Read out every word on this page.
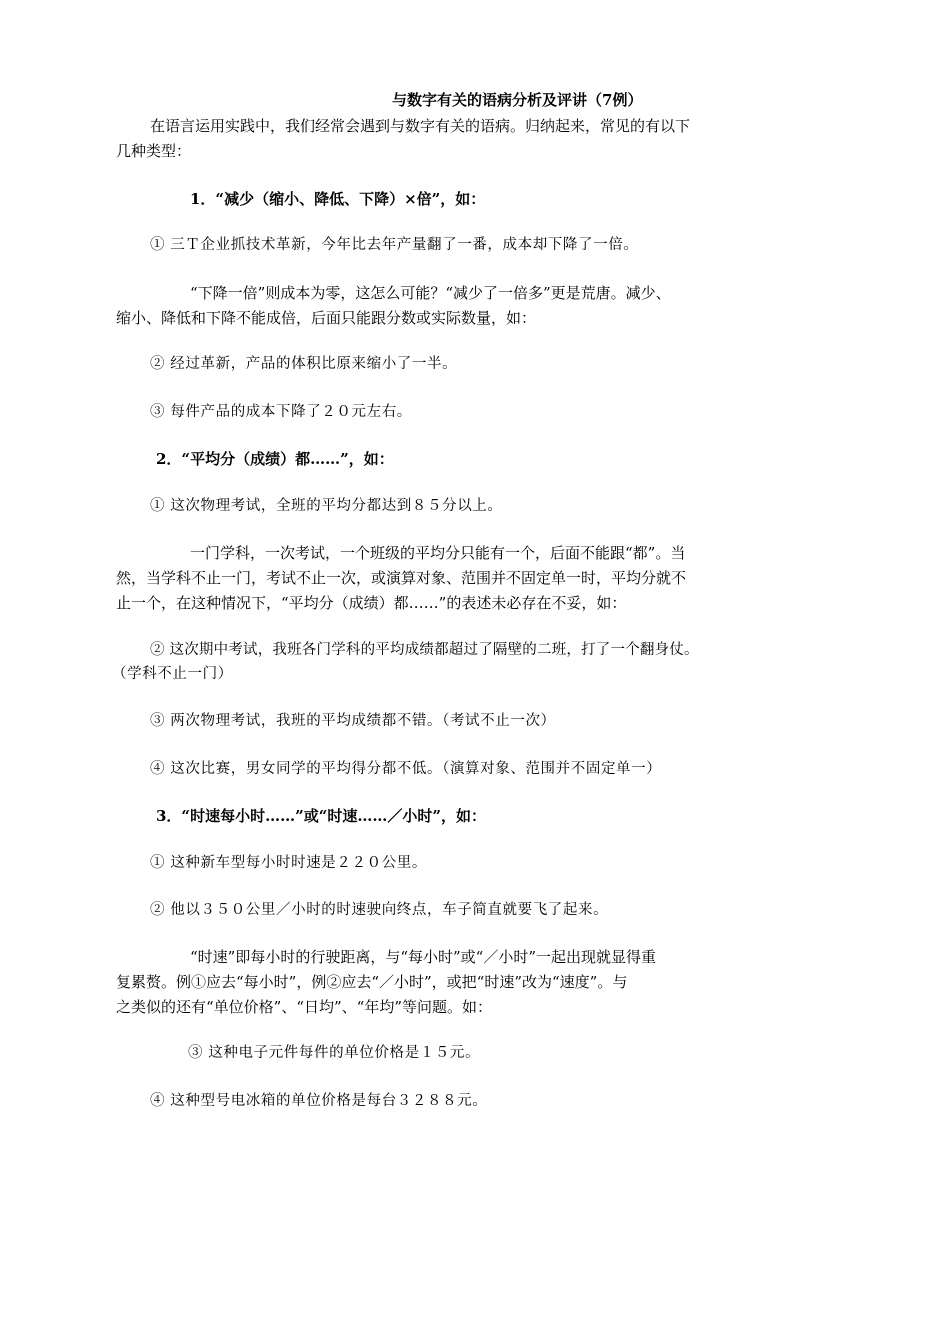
与数字有关的语病分析及评讲（7例）
在语言运用实践中，我们经常会遇到与数字有关的语病。归纳起来，常见的有以下
几种类型：
1．“减少（缩小、降低、下降）×倍”，如：
① 三Ｔ企业抓技术革新，今年比去年产量翻了一番，成本却下降了一倍。
“下降一倍”则成本为零，这怎么可能？“减少了一倍多”更是荒唐。减少、
缩小、降低和下降不能成倍，后面只能跟分数或实际数量，如：
② 经过革新，产品的体积比原来缩小了一半。
③ 每件产品的成本下降了２０元左右。
2．“平均分（成绩）都……”，如：
① 这次物理考试，全班的平均分都达到８５分以上。
一门学科，一次考试，一个班级的平均分只能有一个，后面不能跟“都”。当
然，当学科不止一门，考试不止一次，或演算对象、范围并不固定单一时，平均分就不
止一个，在这种情况下，“平均分（成绩）都……”的表述未必存在不妥，如：
② 这次期中考试，我班各门学科的平均成绩都超过了隔壁的二班，打了一个翻身仗。
（学科不止一门）
③ 两次物理考试，我班的平均成绩都不错。（考试不止一次）
④ 这次比赛，男女同学的平均得分都不低。（演算对象、范围并不固定单一）
3．“时速每小时……”或“时速……／小时”，如：
① 这种新车型每小时时速是２２０公里。
② 他以３５０公里／小时的时速驶向终点，车子简直就要飞了起来。
“时速”即每小时的行驶距离，与“每小时”或“／小时”一起出现就显得重
复累赘。例①应去“每小时”，例②应去“／小时”，或把“时速”改为“速度”。与
之类似的还有“单位价格”、“日均”、“年均”等问题。如：
③ 这种电子元件每件的单位价格是１５元。
④ 这种型号电冰箱的单位价格是每台３２８８元。
